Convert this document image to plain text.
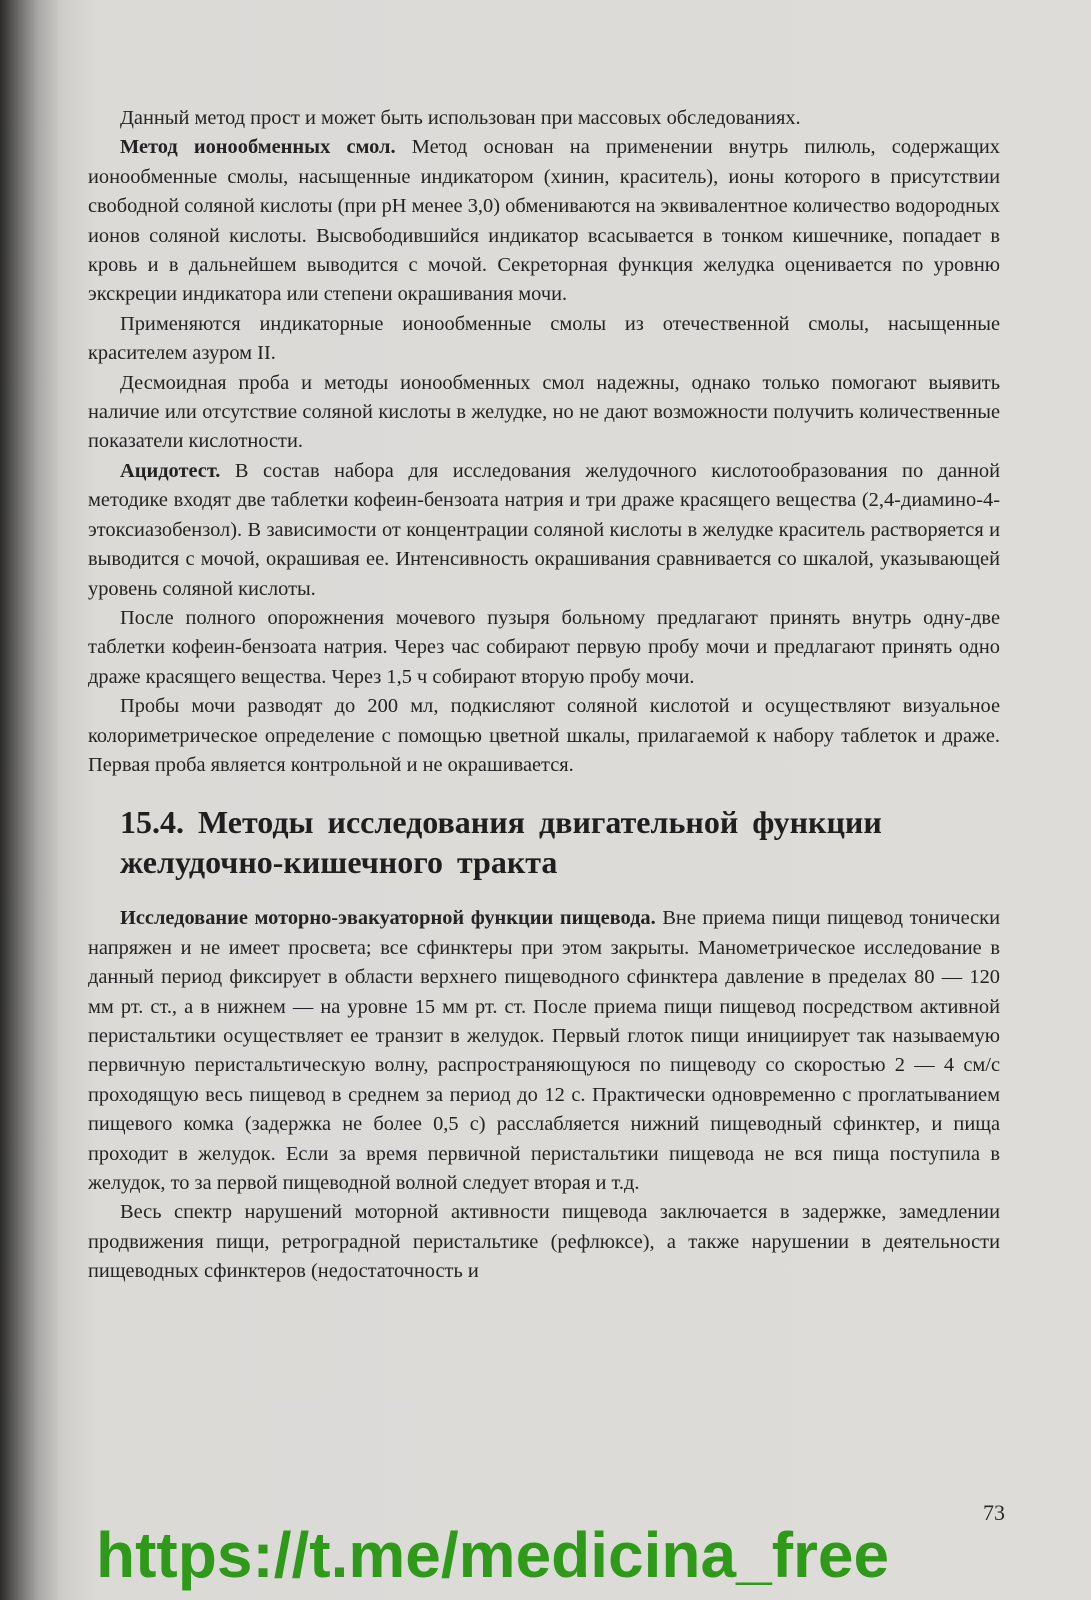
Данный метод прост и может быть использован при массовых обследованиях.

Метод ионообменных смол. Метод основан на применении внутрь пилюль, содержащих ионообменные смолы, насыщенные индикатором (хинин, краситель), ионы которого в присутствии свободной соляной кислоты (при рН менее 3,0) обмениваются на эквивалентное количество водородных ионов соляной кислоты. Высвободившийся индикатор всасывается в тонком кишечнике, попадает в кровь и в дальнейшем выводится с мочой. Секреторная функция желудка оценивается по уровню экскреции индикатора или степени окрашивания мочи.

Применяются индикаторные ионообменные смолы из отечественной смолы, насыщенные красителем азуром II.

Десмоидная проба и методы ионообменных смол надежны, однако только помогают выявить наличие или отсутствие соляной кислоты в желудке, но не дают возможности получить количественные показатели кислотности.

Ацидотест. В состав набора для исследования желудочного кислотообразования по данной методике входят две таблетки кофеин-бензоата натрия и три драже красящего вещества (2,4-диамино-4-этоксиазобензол). В зависимости от концентрации соляной кислоты в желудке краситель растворяется и выводится с мочой, окрашивая ее. Интенсивность окрашивания сравнивается со шкалой, указывающей уровень соляной кислоты.

После полного опорожнения мочевого пузыря больному предлагают принять внутрь одну-две таблетки кофеин-бензоата натрия. Через час собирают первую пробу мочи и предлагают принять одно драже красящего вещества. Через 1,5 ч собирают вторую пробу мочи.

Пробы мочи разводят до 200 мл, подкисляют соляной кислотой и осуществляют визуальное колориметрическое определение с помощью цветной шкалы, прилагаемой к набору таблеток и драже. Первая проба является контрольной и не окрашивается.

15.4. Методы исследования двигательной функции желудочно-кишечного тракта

Исследование моторно-эвакуаторной функции пищевода. Вне приема пищи пищевод тонически напряжен и не имеет просвета; все сфинктеры при этом закрыты. Манометрическое исследование в данный период фиксирует в области верхнего пищеводного сфинктера давление в пределах 80 — 120 мм рт. ст., а в нижнем — на уровне 15 мм рт. ст. После приема пищи пищевод посредством активной перистальтики осуществляет ее транзит в желудок. Первый глоток пищи инициирует так называемую первичную перистальтическую волну, распространяющуюся по пищеводу со скоростью 2 — 4 см/с проходящую весь пищевод в среднем за период до 12 с. Практически одновременно с проглатыванием пищевого комка (задержка не более 0,5 с) расслабляется нижний пищеводный сфинктер, и пища проходит в желудок. Если за время первичной перистальтики пищевода не вся пища поступила в желудок, то за первой пищеводной волной следует вторая и т.д.

Весь спектр нарушений моторной активности пищевода заключается в задержке, замедлении продвижения пищи, ретроградной перистальтике (рефлюксе), а также нарушении в деятельности пищеводных сфинктеров (недостаточность и

73
https://t.me/medicina_free
